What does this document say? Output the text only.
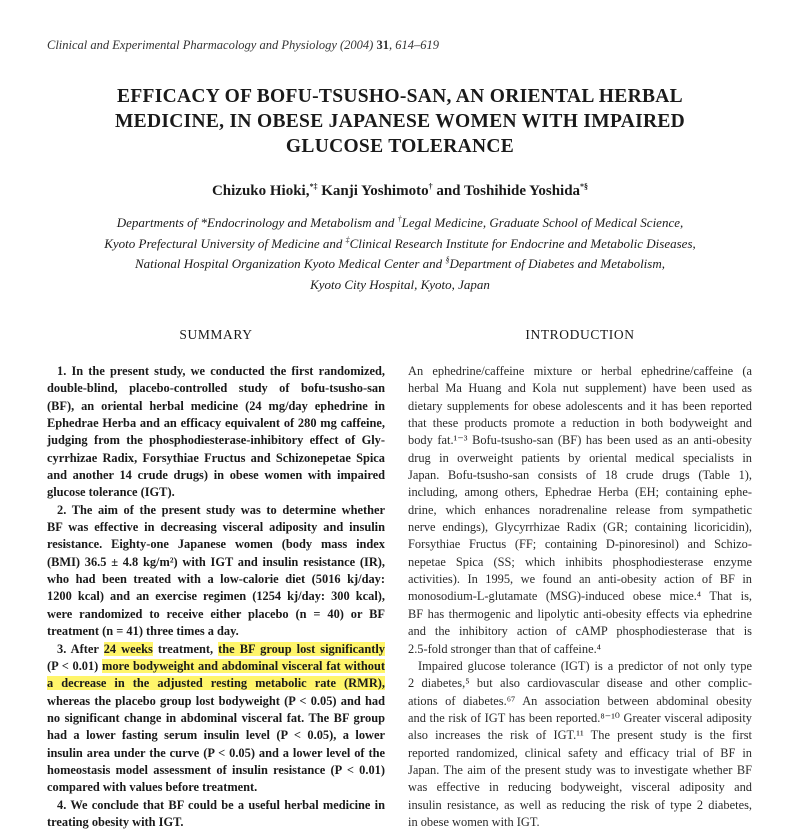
Clinical and Experimental Pharmacology and Physiology (2004) 31, 614–619
EFFICACY OF BOFU-TSUSHO-SAN, AN ORIENTAL HERBAL
MEDICINE, IN OBESE JAPANESE WOMEN WITH IMPAIRED
GLUCOSE TOLERANCE
Chizuko Hioki,*‡ Kanji Yoshimoto† and Toshihide Yoshida*§
Departments of *Endocrinology and Metabolism and †Legal Medicine, Graduate School of Medical Science,
Kyoto Prefectural University of Medicine and ‡Clinical Research Institute for Endocrine and Metabolic Diseases,
National Hospital Organization Kyoto Medical Center and §Department of Diabetes and Metabolism,
Kyoto City Hospital, Kyoto, Japan
SUMMARY	INTRODUCTION
1. In the present study, we conducted the first randomized,
double-blind, placebo-controlled study of bofu-tsusho-san
(BF), an oriental herbal medicine (24 mg/day ephedrine in
Ephedrae Herba and an efficacy equivalent of 280 mg caffeine,
judging from the phosphodiesterase-inhibitory effect of Gly-
cyrrhizae Radix, Forsythiae Fructus and Schizonepetae Spica
and another 14 crude drugs) in obese women with impaired
glucose tolerance (IGT).
2. The aim of the present study was to determine whether
BF was effective in decreasing visceral adiposity and insulin
resistance. Eighty-one Japanese women (body mass index
(BMI) 36.5 ± 4.8 kg/m²) with IGT and insulin resistance (IR),
who had been treated with a low-calorie diet (5016 kj/day:
1200 kcal) and an exercise regimen (1254 kj/day: 300 kcal),
were randomized to receive either placebo (n = 40) or BF
treatment (n = 41) three times a day.
3. After 24 weeks treatment, the BF group lost significantly
(P < 0.01) more bodyweight and abdominal visceral fat without
a decrease in the adjusted resting metabolic rate (RMR),
whereas the placebo group lost bodyweight (P < 0.05) and had
no significant change in abdominal visceral fat. The BF group
had a lower fasting serum insulin level (P < 0.05), a lower
insulin area under the curve (P < 0.05) and a lower level of the
homeostasis model assessment of insulin resistance (P < 0.01)
compared with values before treatment.
4. We conclude that BF could be a useful herbal medicine in
treating obesity with IGT.
An ephedrine/caffeine mixture or herbal ephedrine/caffeine (a
herbal Ma Huang and Kola nut supplement) have been used as
dietary supplements for obese adolescents and it has been reported
that these products promote a reduction in both bodyweight and
body fat.¹⁻³ Bofu-tsusho-san (BF) has been used as an anti-obesity
drug in overweight patients by oriental medical specialists in
Japan. Bofu-tsusho-san consists of 18 crude drugs (Table 1),
including, among others, Ephedrae Herba (EH; containing ephe-
drine, which enhances noradrenaline release from sympathetic
nerve endings), Glycyrrhizae Radix (GR; containing licoricidin),
Forsythiae Fructus (FF; containing D-pinoresinol) and Schizo-
nepetae Spica (SS; which inhibits phosphodiesterase enzyme
activities). In 1995, we found an anti-obesity action of BF in
monosodium-L-glutamate (MSG)-induced obese mice.⁴ That is,
BF has thermogenic and lipolytic anti-obesity effects via ephedrine
and the inhibitory action of cAMP phosphodiesterase that is
2.5-fold stronger than that of caffeine.⁴
Impaired glucose tolerance (IGT) is a predictor of not only type
2 diabetes,⁵ but also cardiovascular disease and other complic-
ations of diabetes.⁶⁷ An association between abdominal obesity
and the risk of IGT has been reported.⁸⁻¹⁰ Greater visceral adiposity
also increases the risk of IGT.¹¹ The present study is the first
reported randomized, clinical safety and efficacy trial of BF in
Japan. The aim of the present study was to investigate whether BF
was effective in reducing bodyweight, visceral adiposity and
insulin resistance, as well as reducing the risk of type 2 diabetes,
in obese women with IGT.
